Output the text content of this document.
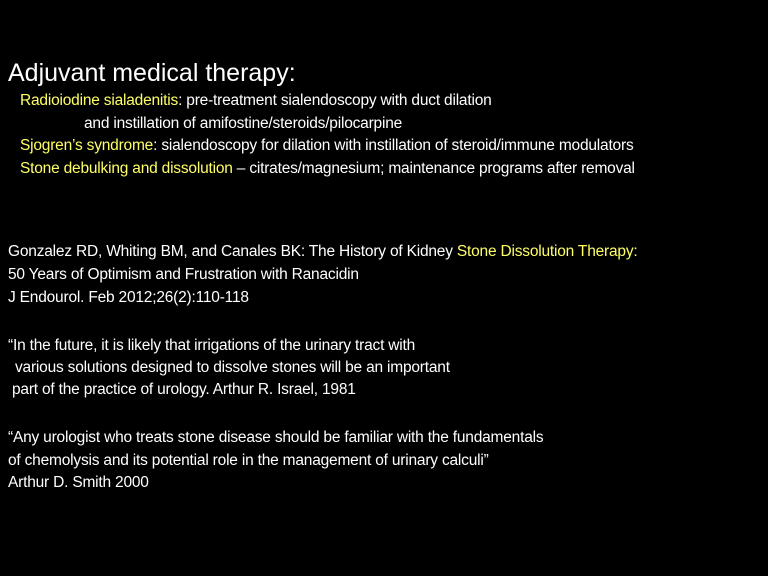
Adjuvant medical therapy:
Radioiodine sialadenitis: pre-treatment sialendoscopy with duct dilation
and instillation of amifostine/steroids/pilocarpine
Sjogren’s syndrome: sialendoscopy for dilation with instillation of steroid/immune modulators
Stone debulking and dissolution – citrates/magnesium; maintenance programs after removal
Gonzalez RD, Whiting BM, and Canales BK: The History of Kidney Stone Dissolution Therapy:
50 Years of Optimism and Frustration with Ranacidin
J Endourol. Feb 2012;26(2):110-118
“In the future, it is likely that irrigations of the urinary tract with
various solutions designed to dissolve stones will be an important
part of the practice of urology. Arthur R. Israel, 1981
“Any urologist who treats stone disease should be familiar with the fundamentals
of chemolysis and its potential role in the management of urinary calculi”
Arthur D. Smith 2000
